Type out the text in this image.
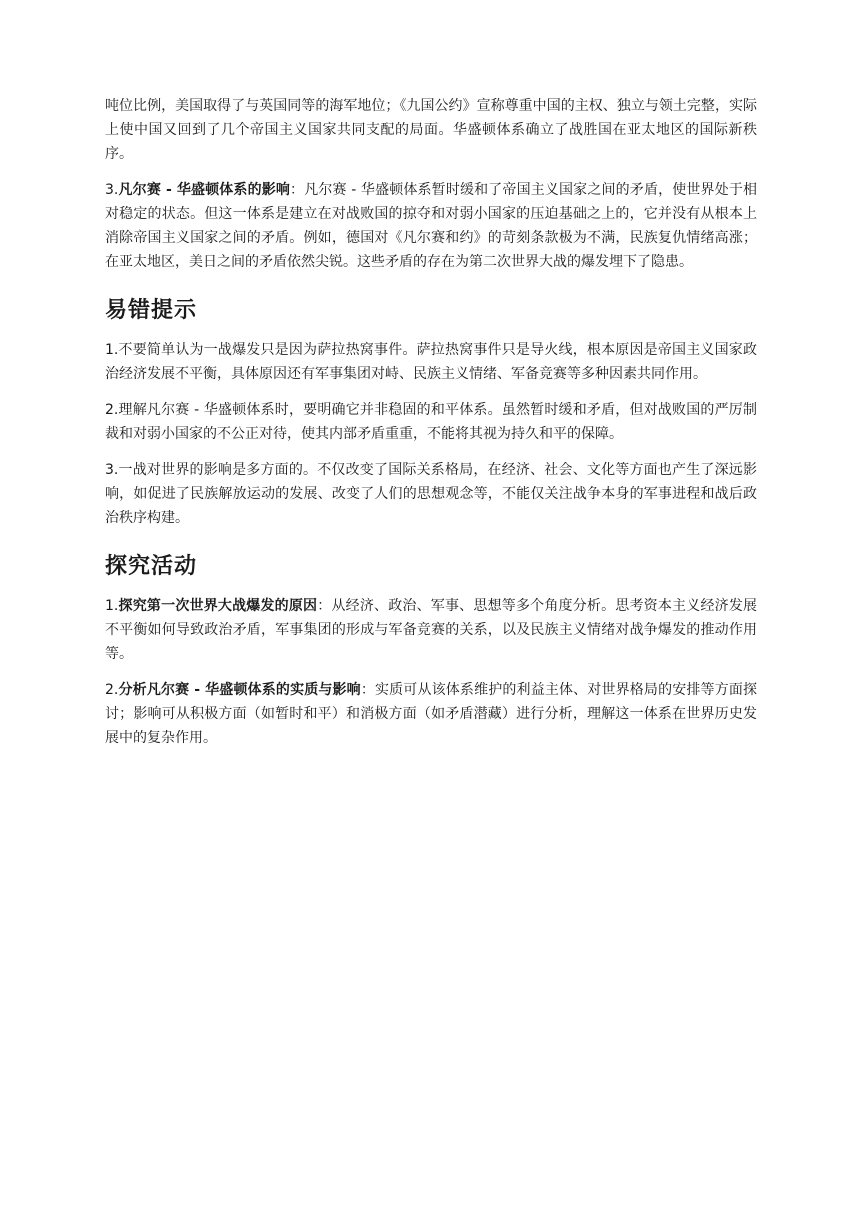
吨位比例，美国取得了与英国同等的海军地位；《九国公约》宣称尊重中国的主权、独立与领土完整，实际上使中国又回到了几个帝国主义国家共同支配的局面。华盛顿体系确立了战胜国在亚太地区的国际新秩序。

3.凡尔赛 - 华盛顿体系的影响：凡尔赛 - 华盛顿体系暂时缓和了帝国主义国家之间的矛盾，使世界处于相对稳定的状态。但这一体系是建立在对战败国的掠夺和对弱小国家的压迫基础之上的，它并没有从根本上消除帝国主义国家之间的矛盾。例如，德国对《凡尔赛和约》的苛刻条款极为不满，民族复仇情绪高涨；在亚太地区，美日之间的矛盾依然尖锐。这些矛盾的存在为第二次世界大战的爆发埋下了隐患。

易错提示

1.不要简单认为一战爆发只是因为萨拉热窝事件。萨拉热窝事件只是导火线，根本原因是帝国主义国家政治经济发展不平衡，具体原因还有军事集团对峙、民族主义情绪、军备竞赛等多种因素共同作用。

2.理解凡尔赛 - 华盛顿体系时，要明确它并非稳固的和平体系。虽然暂时缓和矛盾，但对战败国的严厉制裁和对弱小国家的不公正对待，使其内部矛盾重重，不能将其视为持久和平的保障。

3.一战对世界的影响是多方面的。不仅改变了国际关系格局，在经济、社会、文化等方面也产生了深远影响，如促进了民族解放运动的发展、改变了人们的思想观念等，不能仅关注战争本身的军事进程和战后政治秩序构建。

探究活动

1.探究第一次世界大战爆发的原因：从经济、政治、军事、思想等多个角度分析。思考资本主义经济发展不平衡如何导致政治矛盾，军事集团的形成与军备竞赛的关系，以及民族主义情绪对战争爆发的推动作用等。

2.分析凡尔赛 - 华盛顿体系的实质与影响：实质可从该体系维护的利益主体、对世界格局的安排等方面探讨；影响可从积极方面（如暂时和平）和消极方面（如矛盾潜藏）进行分析，理解这一体系在世界历史发展中的复杂作用。
